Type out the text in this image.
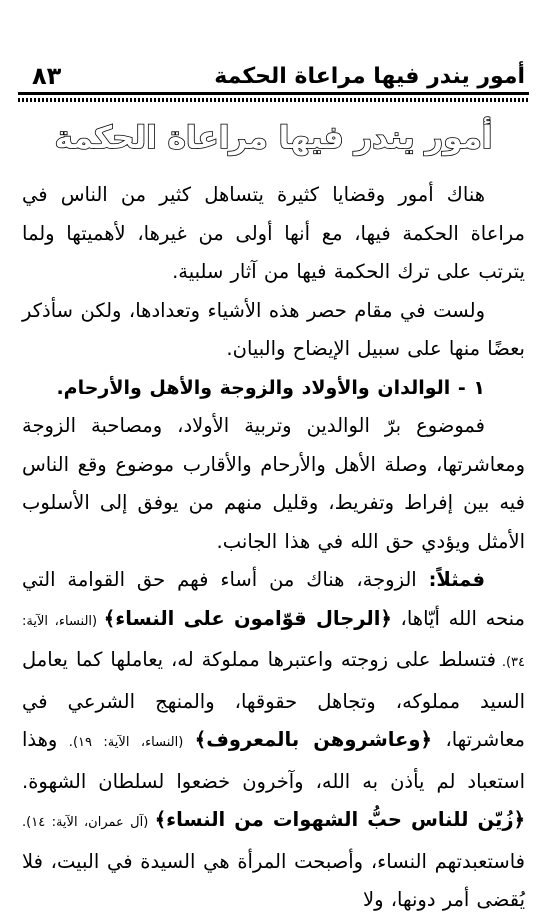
٨٣	أمور يندر فيها مراعاة الحكمة
أمور يندر فيها مراعاة الحكمة

هناك أمور وقضايا كثيرة يتساهل كثير من الناس في مراعاة الحكمة فيها، مع أنها أولى من غيرها، لأهميتها ولما يترتب على ترك الحكمة فيها من آثار سلبية.

ولست في مقام حصر هذه الأشياء وتعدادها، ولكن سأذكر بعضًا منها على سبيل الإيضاح والبيان.

١ - الوالدان والأولاد والزوجة والأهل والأرحام.

فموضوع برّ الوالدين وتربية الأولاد، ومصاحبة الزوجة ومعاشرتها، وصلة الأهل والأرحام والأقارب موضوع وقع الناس فيه بين إفراط وتفريط، وقليل منهم من يوفق إلى الأسلوب الأمثل ويؤدي حق الله في هذا الجانب.

فمثلاً: الزوجة، هناك من أساء فهم حق القوامة التي منحه الله أيّاها، ﴿الرجال قوّامون على النساء﴾ (النساء، الآية: ٣٤). فتسلط على زوجته واعتبرها مملوكة له، يعاملها كما يعامل السيد مملوكه، وتجاهل حقوقها، والمنهج الشرعي في معاشرتها، ﴿وعاشروهن بالمعروف﴾ (النساء، الآية: ١٩). وهذا استعباد لم يأذن به الله، وآخرون خضعوا لسلطان الشهوة. ﴿زُيّن للناس حبُّ الشهوات من النساء﴾ (آل عمران، الآية: ١٤). فاستعبدتهم النساء، وأصبحت المرأة هي السيدة في البيت، فلا يُقضى أمر دونها، ولا
